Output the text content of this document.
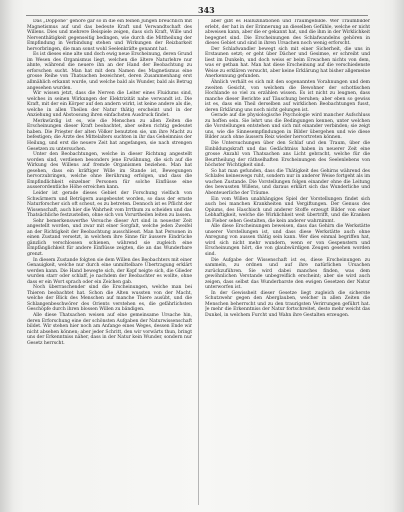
343

Das „Doppone“ gehöre gar so in die ein feinen Jungen breuchlich mit Magnetismus auf und das bedeute Kraft und Verwandtschaft des Willens. Dies und mehrere Beispiele zeigen, dass sich Kraft, Wille und Nerventhätigkeit gegenseitig bedingen, wie durch die Mittheilung der Empfindung in Verbindung stehen und Wirkungen der Reizbarkeit hervorbringen, die man sonst wohl Seelenkräfte genannt hat.

Es ist dieses eine alte und doch ewig neue Erscheinung, deren Grund im Wesen des Organismus liegt, welchen die ältere Naturlehre nur ahnte, während die neuere ihn an der Hand der Beobachtung zu erforschen sucht. Man hat mit dem Namen des Magnetismus eine grosse Reihe von Thatsachen bezeichnet, deren Zusammenhang erst allmählich erkannt wurde, und welche bald als Wunder, bald als Betrug angesehen wurden.

Wir wissen jetzt, dass die Nerven die Leiter eines Fluidums sind, welches in seinen Wirkungen der Elektrizität nahe verwandt ist. Die Kraft, mit der ein Körper auf den andern wirkt, ist keine andere als die, welche in allen Theilen der Natur thätig erscheint und in der Anziehung und Abstossung ihren einfachsten Ausdruck findet.

Merkwürdig ist es, wie die Menschen zu allen Zeiten die Erscheinungen dieser Kraft beobachtet, aber selten richtig gedeutet haben. Die Priester der alten Völker benutzten sie, um ihre Macht zu befestigen; die Ärzte des Mittelalters suchten in ihr das Geheimniss der Heilung, und erst die neuere Zeit hat angefangen, sie nach strengen Gesetzen zu untersuchen.

Unter den Beobachtungen, welche in dieser Richtung angestellt worden sind, verdienen besonders jene Erwähnung, die sich auf die Wirkung des Willens auf fremde Organismen beziehen. Man hat gesehen, dass ein kräftiger Wille im Stande ist, Bewegungen hervorzubringen, welche ohne Berührung erfolgen, und dass die Empfindlichkeit einzelner Personen für solche Einflüsse eine ausserordentliche Höhe erreichen kann.

Leider ist gerade dieses Gebiet der Forschung vielfach von Schwärmern und Betrügern ausgebeutet worden, so dass der ernste Naturforscher sich oft scheut, es zu betreten. Dennoch ist es Pflicht der Wissenschaft, auch hier die Wahrheit vom Irrthum zu scheiden und das Thatsächliche festzustellen, ohne sich von Vorurtheilen leiten zu lassen.

Sehr bemerkenswerthe Versuche dieser Art sind in neuester Zeit angestellt worden, und zwar mit einer Sorgfalt, welche jeden Zweifel an der Richtigkeit der Beobachtung ausschliesst. Man hat Personen in einen Zustand versetzt, in welchem ihre Sinne für äussere Eindrücke gänzlich verschlossen schienen, während sie zugleich eine Empfänglichkeit für andere Einflüsse zeigten, die an das Wunderbare grenzt.

In diesem Zustande folgten sie dem Willen des Beobachters mit einer Genauigkeit, welche nur durch eine unmittelbare Übertragung erklärt werden kann. Die Hand bewegte sich, der Kopf neigte sich, die Glieder wurden starr oder schlaff, je nachdem der Beobachter es wollte, ohne dass er ein Wort sprach oder ein Zeichen gab.

Noch überraschender sind die Erscheinungen, welche man bei Thieren beobachtet hat. Schon die Alten wussten von der Macht, welche der Blick des Menschen auf manche Thiere ausübt, und die Schlangenbeschwörer des Orients verstehen es, die gefährlichsten Geschöpfe durch ihren blossen Willen zu bändigen.

Alle diese Thatsachen weisen auf eine gemeinsame Ursache hin, deren Erforschung eine der schönsten Aufgaben der Naturwissenschaft bildet. Wir stehen hier noch am Anfange eines Weges, dessen Ende wir nicht absehen können; aber jeder Schritt, den wir vorwärts thun, bringt uns der Erkenntniss näher, dass in der Natur kein Wunder, sondern nur Gesetz herrscht.

aber gibt es Halluzinationen und Traumgebilde. Wer Traumbilder erlebt, der hat in der Erinnerung an dieselben Gefühle, welche er nicht abweisen kann, aber die er gekannt hat, und die ihm in der Wirklichkeit begegnet sind. Die Erscheinungen des Schlafwandelns gehören in dieses Gebiet und sind in ihren Ursachen noch wenig erforscht.

Der Schlafwandler bewegt sich mit einer Sicherheit, die uns in Erstaunen setzt; er geht über Dächer und Gesimse, er schreibt und liest im Dunkeln, und doch weiss er beim Erwachen nichts von dem, was er gethan hat. Man hat diese Erscheinung auf die verschiedenste Weise zu erklären versucht, aber keine Erklärung hat bisher allgemeine Anerkennung gefunden.

Ähnlich verhält es sich mit den sogenannten Vorahnungen und dem zweiten Gesicht, von welchem die Bewohner der schottischen Hochlande so viel zu erzählen wissen. Es ist nicht zu leugnen, dass manche dieser Berichte auf Täuschung beruhen; aber eben so gewiss ist es, dass ein Theil derselben auf wirklichen Beobachtungen fusst, deren Erklärung uns noch nicht gelungen ist.

Gerade auf die physiologische Psychologie wird mancher Aufschluss zu hoffen sein. Sie lehrt uns die Bedingungen kennen, unter welchen die Vorstellungen entstehen und sich mit einander verbinden; sie zeigt uns, wie die Sinnesempfindungen in Bilder übergehen und wie diese Bilder auch ohne äussern Reiz wieder hervortreten können.

Die Untersuchungen über den Schlaf und den Traum, über die Einbildungskraft und das Gedächtniss haben in neuerer Zeit eine grosse Anzahl von Thatsachen ans Licht gebracht, welche für die Beurtheilung der räthselhaften Erscheinungen des Seelenlebens von höchster Wichtigkeit sind.

So hat man gefunden, dass die Thätigkeit des Gehirns während des Schlafes keineswegs ruht, sondern nur in anderer Weise fortgeht als im wachen Zustande. Die Vorstellungen folgen einander ohne die Leitung des bewussten Willens, und daraus erklärt sich das Wunderliche und Abenteuerliche der Träume.

Ein vom Willen unabhängiges Spiel der Vorstellungen findet sich auch bei manchen Krankheiten und Vergiftungen. Der Genuss des Opiums, des Haschisch und anderer Stoffe erzeugt Bilder von einer Lebhaftigkeit, welche die Wirklichkeit weit übertrifft, und die Kranken im Fieber sehen Gestalten, die kein anderer wahrnimmt.

Alle diese Erscheinungen beweisen, dass das Gehirn die Werkstätte unserer Vorstellungen ist, und dass diese Werkstätte auch ohne Anregung von aussen thätig sein kann. Wer dies einmal begriffen hat, wird sich nicht mehr wundern, wenn er von Gespenstern und Erscheinungen hört, die von glaubwürdigen Zeugen gesehen worden sind.

Die Aufgabe der Wissenschaft ist es, diese Erscheinungen zu sammeln, zu ordnen und auf ihre natürlichen Ursachen zurückzuführen. Sie wird dabei manches finden, was dem gewöhnlichen Verstande unbegreiflich erscheint; aber sie wird auch zeigen, dass selbst das Wunderbarste den ewigen Gesetzen der Natur unterworfen ist.

In der Gewissheit dieser Gesetze liegt zugleich die sicherste Schutzwehr gegen den Aberglauben, welcher in allen Zeiten die Menschen beherrscht und zu den traurigsten Verirrungen geführt hat. Je mehr die Erkenntniss der Natur fortschreitet, desto mehr weicht das Dunkel, in welchem Furcht und Wahn ihre Gestalten erzeugen.
